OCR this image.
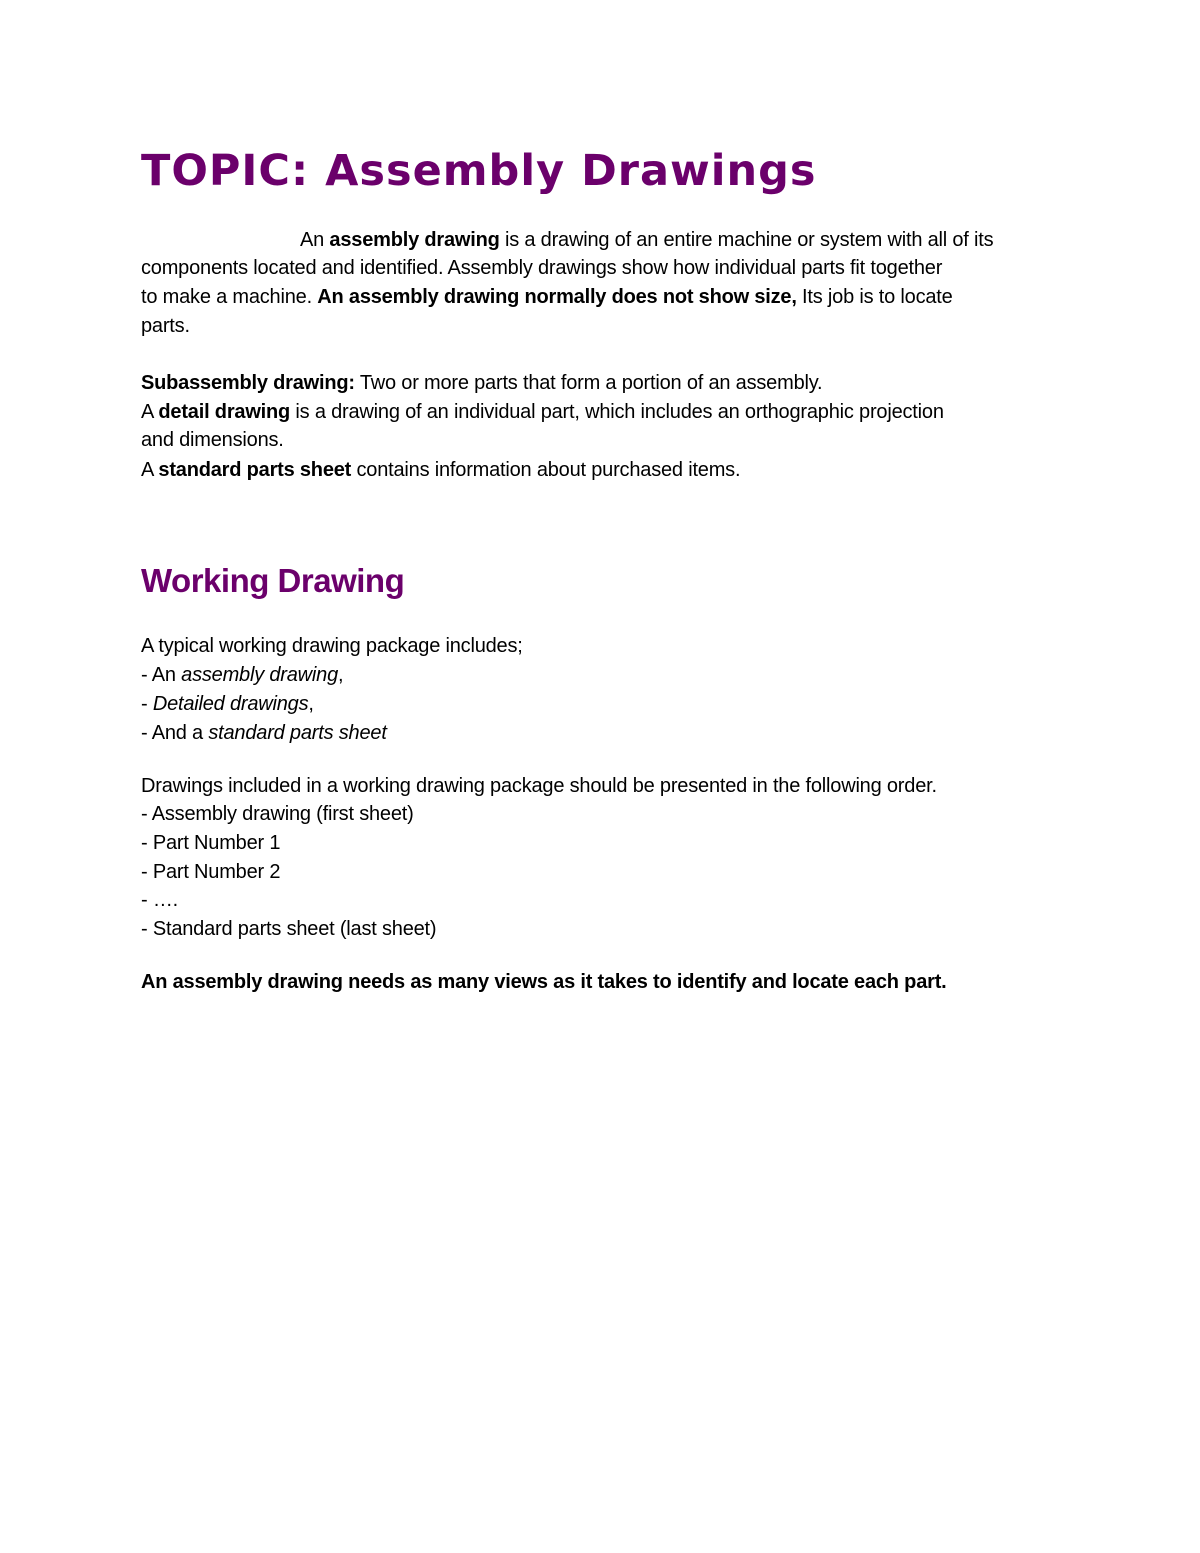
TOPIC: Assembly Drawings

An assembly drawing is a drawing of an entire machine or system with all of its

components located and identified. Assembly drawings show how individual parts fit together

to make a machine. An assembly drawing normally does not show size, Its job is to locate

parts.

Subassembly drawing: Two or more parts that form a portion of an assembly.

A detail drawing is a drawing of an individual part, which includes an orthographic projection

and dimensions.

A standard parts sheet contains information about purchased items.

Working Drawing

A typical working drawing package includes;

- An assembly drawing,

- Detailed drawings,

- And a standard parts sheet

Drawings included in a working drawing package should be presented in the following order.

- Assembly drawing (first sheet)

- Part Number 1

- Part Number 2

- ….

- Standard parts sheet (last sheet)

An assembly drawing needs as many views as it takes to identify and locate each part.
